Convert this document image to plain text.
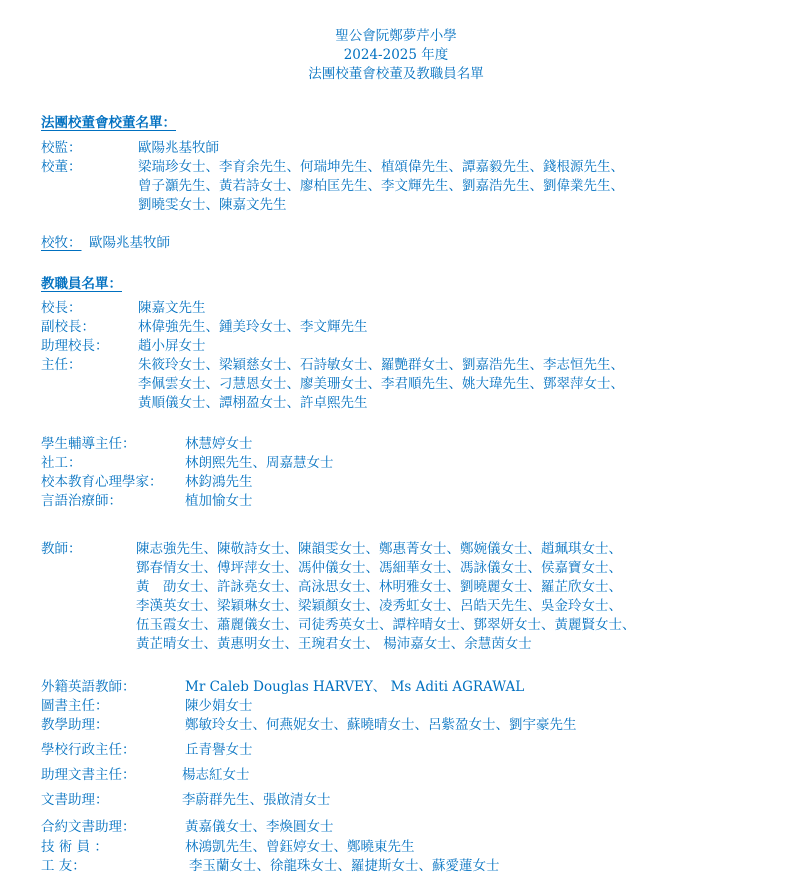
聖公會阮鄭夢芹小學
2024-2025 年度
法團校董會校董及教職員名單
法團校董會校董名單：
校監：	歐陽兆基牧師
校董：	梁瑞珍女士、李育余先生、何瑞坤先生、植頌偉先生、譚嘉毅先生、錢根源先生、
曾子灝先生、黃若詩女士、廖柏匡先生、李文輝先生、劉嘉浩先生、劉偉業先生、
劉曉雯女士、陳嘉文先生
校牧： 歐陽兆基牧師
教職員名單：
校長：	陳嘉文先生
副校長：	林偉強先生、鍾美玲女士、李文輝先生
助理校長： 趙小屏女士
主任：	朱筱玲女士、梁穎慈女士、石詩敏女士、羅艷群女士、劉嘉浩先生、李志恒先生、
李佩雲女士、刁慧恩女士、廖美珊女士、李君順先生、姚大瑋先生、鄧翠萍女士、
黃順儀女士、譚栩盈女士、許卓熙先生
學生輔導主任：	林慧婷女士
社工：	林朗熙先生、周嘉慧女士
校本教育心理學家： 林鈞鴻先生
言語治療師：	植加愉女士
教師：	陳志強先生、陳敬詩女士、陳韻雯女士、鄭惠菁女士、鄭婉儀女士、趙珮琪女士、
鄧春情女士、傅坪萍女士、馮仲儀女士、馮細華女士、馮詠儀女士、侯嘉寶女士、
黃　劭女士、許詠堯女士、高泳思女士、林明雅女士、劉曉麗女士、羅芷欣女士、
李漢英女士、梁穎琳女士、梁穎顏女士、凌秀虹女士、呂皓天先生、吳金玲女士、
伍玉霞女士、蕭麗儀女士、司徒秀英女士、譚梓晴女士、鄧翠妍女士、黃麗賢女士、
黃芷晴女士、黃惠明女士、王琬君女士、 楊沛嘉女士、余慧茵女士
外籍英語教師：	Mr Caleb Douglas HARVEY、 Ms Aditi AGRAWAL
圖書主任：	陳少娟女士
教學助理：	鄭敏玲女士、何燕妮女士、蘇曉晴女士、呂紫盈女士、劉宇豪先生
學校行政主任：	丘青譽女士
助理文書主任：	楊志紅女士
文書助理：	李蔚群先生、張啟清女士
合約文書助理：	黃嘉儀女士、李煥圓女士
技 術 員 ：	林鴻凱先生、曾鈺婷女士、鄭曉東先生
工 友：	李玉蘭女士、徐龍珠女士、羅捷斯女士、蘇愛蓮女士
